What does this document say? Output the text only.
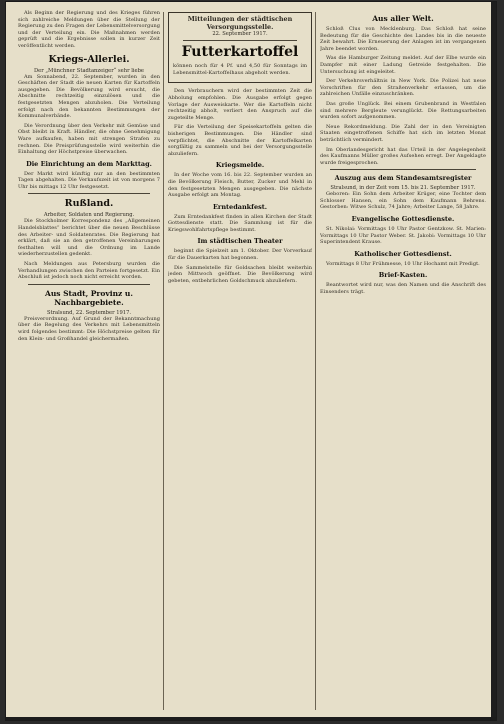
Als Beginn der Regierung und des Krieges führen sich zahlreiche Meldungen über die Stellung der Regierung zu den Fragen der Lebensmittelversorgung und der Verteilung ein. Die Maßnahmen werden geprüft und die Ergebnisse sollen in kurzer Zeit veröffentlicht werden.

Kriegs-Allerlei.

Der „Münchner Stadtanzeiger“ sehr liebe

Am Sonnabend, 22. September, wurden in den Geschäften der Stadt die neuen Karten für Kartoffeln ausgegeben. Die Bevölkerung wird ersucht, die Abschnitte rechtzeitig einzulösen und die festgesetzten Mengen abzuholen. Die Verteilung erfolgt nach den bekannten Bestimmungen der Kommunalverbände.

Die Verordnung über den Verkehr mit Gemüse und Obst bleibt in Kraft. Händler, die ohne Genehmigung Ware aufkaufen, haben mit strengen Strafen zu rechnen. Die Preisprüfungsstelle wird weiterhin die Einhaltung der Höchstpreise überwachen.

Die Einrichtung an dem Markttag.

Der Markt wird künftig nur an den bestimmten Tagen abgehalten. Die Verkaufszeit ist von morgens 7 Uhr bis mittags 12 Uhr festgesetzt.

Rußland.

Arbeiter, Soldaten und Regierung.

Die Stockholmer Korrespondenz des „Allgemeinen Handelsblattes“ berichtet über die neuen Beschlüsse des Arbeiter- und Soldatenrates. Die Regierung hat erklärt, daß sie an den getroffenen Vereinbarungen festhalten will und die Ordnung im Lande wiederherzustellen gedenkt.

Nach Meldungen aus Petersburg wurden die Verhandlungen zwischen den Parteien fortgesetzt. Ein Abschluß ist jedoch noch nicht erreicht worden.

Aus Stadt, Provinz u. Nachbargebiete.

Stralsund, 22. September 1917.

Preisverordnung. Auf Grund der Bekanntmachung über die Regelung des Verkehrs mit Lebensmitteln wird folgendes bestimmt: Die Höchstpreise gelten für den Klein- und Großhandel gleichermaßen.

Mitteilungen der städtischen Versorgungsstelle.

22. September 1917.

Futterkartoffel

können noch für 4 Pf. und 4,50 für Sonntags im Lebensmittel-Kartoffelhaus abgeholt werden.

Den Verbrauchern wird der bestimmten Zeit die Abholung empfohlen. Die Ausgabe erfolgt gegen Vorlage der Ausweiskarte. Wer die Kartoffeln nicht rechtzeitig abholt, verliert den Anspruch auf die zugeteilte Menge.

Für die Verteilung der Speisekartoffeln gelten die bisherigen Bestimmungen. Die Händler sind verpflichtet, die Abschnitte der Kartoffelkarten sorgfältig zu sammeln und bei der Versorgungsstelle abzuliefern.

Kriegsmelde.

In der Woche vom 16. bis 22. September wurden an die Bevölkerung Fleisch, Butter, Zucker und Mehl in den festgesetzten Mengen ausgegeben. Die nächste Ausgabe erfolgt am Montag.

Erntedankfest.

Zum Erntedankfest finden in allen Kirchen der Stadt Gottesdienste statt. Die Sammlung ist für die Kriegswohlfahrtspflege bestimmt.

Im städtischen Theater

beginnt die Spielzeit am 1. Oktober. Der Vorverkauf für die Dauerkarten hat begonnen.

Die Sammelstelle für Goldsachen bleibt weiterhin jeden Mittwoch geöffnet. Die Bevölkerung wird gebeten, entbehrlichen Goldschmuck abzuliefern.

Aus aller Welt.

Schloß Clus von Mecklenburg. Das Schloß hat seine Bedeutung für die Geschichte des Landes bis in die neueste Zeit bewahrt. Die Erneuerung der Anlagen ist im vergangenen Jahre beendet worden.

Was die Hamburger Zeitung meldet. Auf der Elbe wurde ein Dampfer mit einer Ladung Getreide festgehalten. Die Untersuchung ist eingeleitet.

Der Verkehrsverhältnis in New York. Die Polizei hat neue Vorschriften für den Straßenverkehr erlassen, um die zahlreichen Unfälle einzuschränken.

Das große Unglück. Bei einem Grubenbrand in Westfalen sind mehrere Bergleute verunglückt. Die Rettungsarbeiten wurden sofort aufgenommen.

Neue Rekordmeldung. Die Zahl der in den Vereinigten Staaten eingetroffenen Schiffe hat sich im letzten Monat beträchtlich vermindert.

Im Oberlandesgericht hat das Urteil in der Angelegenheit des Kaufmanns Müller großes Aufsehen erregt. Der Angeklagte wurde freigesprochen.

Auszug aus dem Standesamtsregister

Stralsund, in der Zeit vom 15. bis 21. September 1917.

Geboren: Ein Sohn dem Arbeiter Krüger, eine Tochter dem Schlosser Hansen, ein Sohn dem Kaufmann Behrens. Gestorben: Witwe Schulz, 74 Jahre; Arbeiter Lange, 58 Jahre.

Evangelische Gottesdienste.

St. Nikolai: Vormittags 10 Uhr Pastor Gentzkow. St. Marien: Vormittags 10 Uhr Pastor Weber. St. Jakobi: Vormittags 10 Uhr Superintendent Krause.

Katholischer Gottesdienst.

Vormittags 8 Uhr Frühmesse, 10 Uhr Hochamt mit Predigt.

Brief-Kasten.

Beantwortet wird nur, was den Namen und die Anschrift des Einsenders trägt.
